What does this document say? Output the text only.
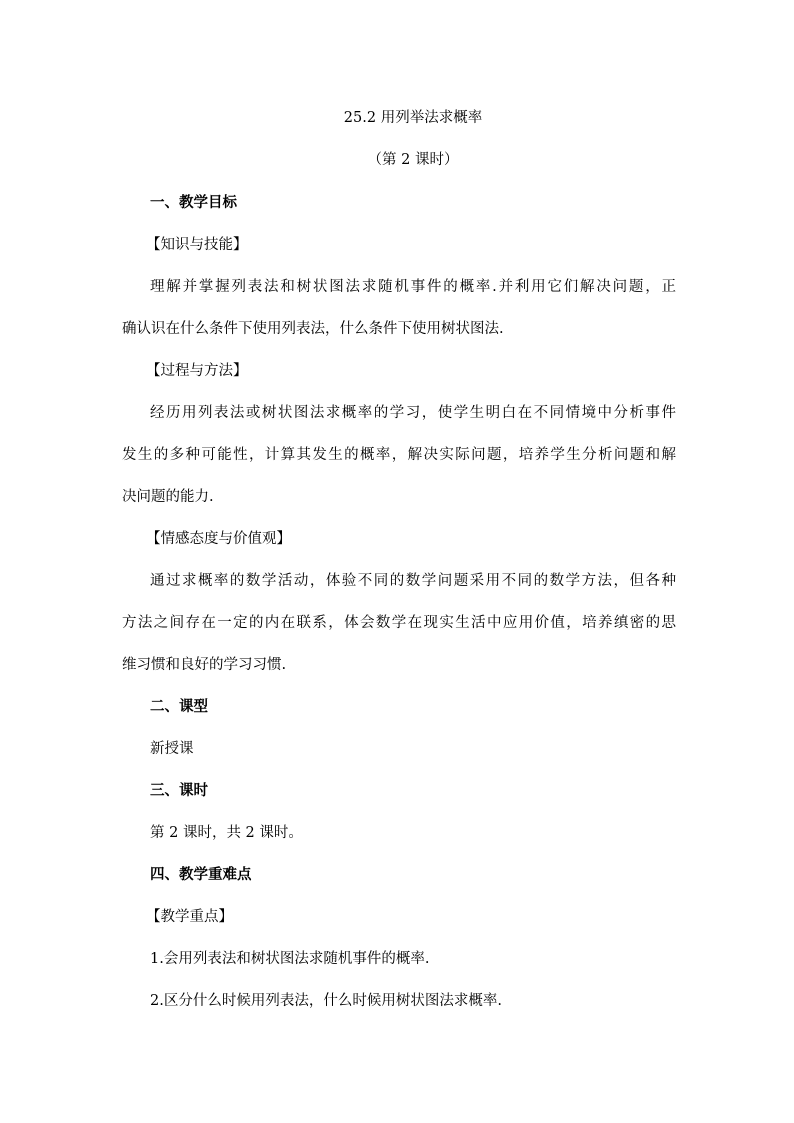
25.2 用列举法求概率
（第 2 课时）
一、教学目标
【知识与技能】
理解并掌握列表法和树状图法求随机事件的概率.并利用它们解决问题，正
确认识在什么条件下使用列表法，什么条件下使用树状图法.
【过程与方法】
经历用列表法或树状图法求概率的学习，使学生明白在不同情境中分析事件
发生的多种可能性，计算其发生的概率，解决实际问题，培养学生分析问题和解
决问题的能力.
【情感态度与价值观】
通过求概率的数学活动，体验不同的数学问题采用不同的数学方法，但各种
方法之间存在一定的内在联系，体会数学在现实生活中应用价值，培养缜密的思
维习惯和良好的学习习惯.
二、课型
新授课
三、课时
第 2 课时，共 2 课时。
四、教学重难点
【教学重点】
1.会用列表法和树状图法求随机事件的概率.
2.区分什么时候用列表法，什么时候用树状图法求概率.
